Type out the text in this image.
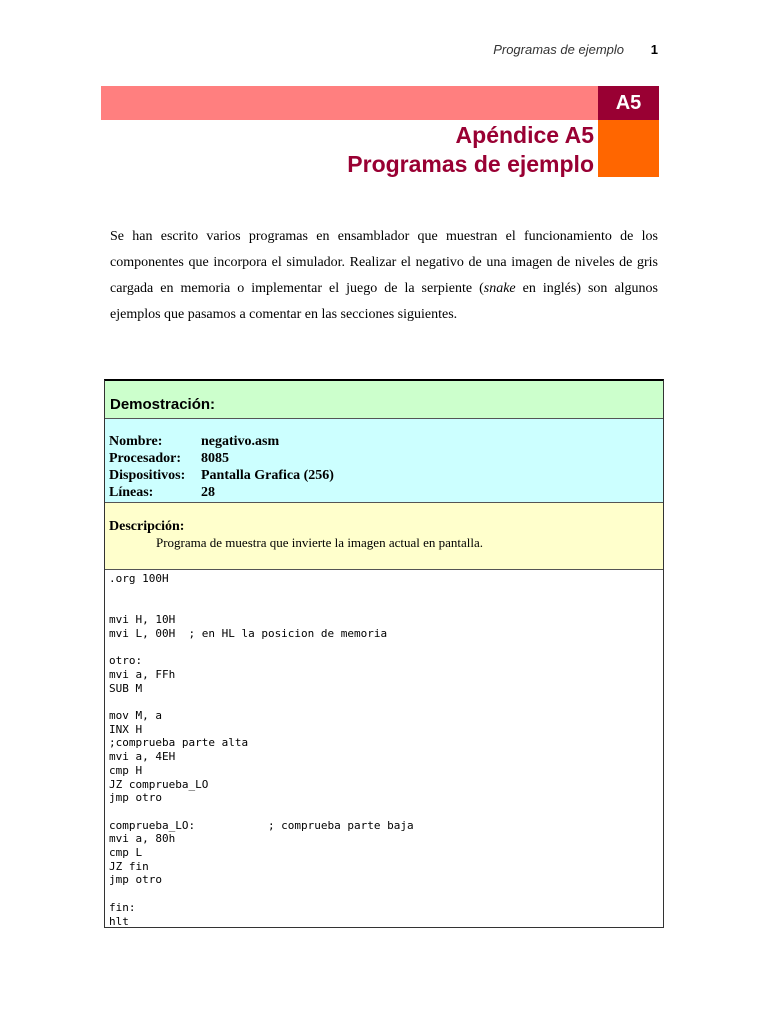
Programas de ejemplo 1
A5
Apéndice A5
Programas de ejemplo

Se han escrito varios programas en ensamblador que muestran el funcionamiento de los componentes que incorpora el simulador. Realizar el negativo de una imagen de niveles de gris cargada en memoria o implementar el juego de la serpiente (snake en inglés) son algunos ejemplos que pasamos a comentar en las secciones siguientes.

Demostración:
Nombre:	negativo.asm
Procesador:	8085
Dispositivos:	Pantalla Grafica (256)
Líneas:	28
Descripción:
Programa de muestra que invierte la imagen actual en pantalla.
.org 100H

mvi H, 10H
mvi L, 00H  ; en HL la posicion de memoria

otro:
mvi a, FFh
SUB M

mov M, a
INX H
;comprueba parte alta
mvi a, 4EH
cmp H
JZ comprueba_LO
jmp otro

comprueba_LO:           ; comprueba parte baja
mvi a, 80h
cmp L
JZ fin
jmp otro

fin:
hlt
